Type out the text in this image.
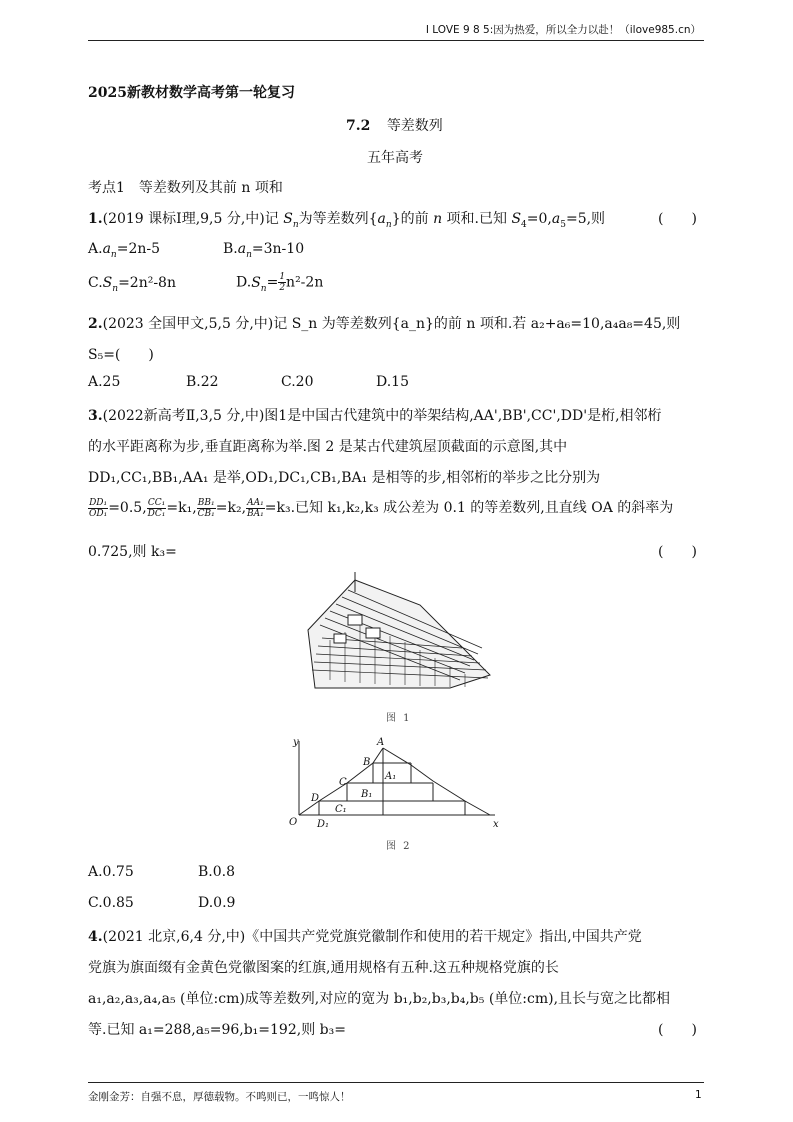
I LOVE 9 8 5:因为热爱，所以全力以赴！（ilove985.cn）
2025新教材数学高考第一轮复习
7.2 等差数列
五年高考
考点1　等差数列及其前 n 项和
1.(2019 课标Ⅰ理,9,5 分,中)记 $S_n$为等差数列$\{a_n\}$的前 n 项和.已知 $S_4=0,a_5=5$,则	(　　)
$A.a_n=2n-5$	$B.a_n=3n-10$
$C.S_n=2n^2-8n$	$D.S_n= \frac{1}{2} n^2-2n$
2.(2023 全国甲文,5,5 分,中)记 S_n 为等差数列{a_n}的前 n 项和.若 a₂+a₆=10,a₄a₈=45,则
S₅=(　　)
A.25	B.22	C.20	D.15
3.(2022新高考Ⅱ,3,5 分,中)图1是中国古代建筑中的举架结构,AA',BB',CC',DD'是桁,相邻桁
的水平距离称为步,垂直距离称为举.图 2 是某古代建筑屋顶截面的示意图,其中
DD₁,CC₁,BB₁,AA₁ 是举,OD₁,DC₁,CB₁,BA₁ 是相等的步,相邻桁的举步之比分别为
$\frac{\text{DD₁}}{\text{OD₁}} =0.5$, $\frac{\text{CC₁}}{\text{DC₁}} =k_1$, $\frac{\text{BB₁}}{\text{CB₁}} =k_2$, $\frac{\text{AA₁}}{\text{BA₁}} =k_3$.已知 k₁,k₂,k₃ 成公差为 0.1 的等差数列,且直线 OA 的斜率为
0.725,则 k₃=	(　　)
图 1
O	x
y	A
B
C
D
A₁
B₁
C₁
D₁
图 2
A.0.75	B.0.8
C.0.85	D.0.9
4.(2021 北京,6,4 分,中)《中国共产党党旗党徽制作和使用的若干规定》指出,中国共产党
党旗为旗面缀有金黄色党徽图案的红旗,通用规格有五种.这五种规格党旗的长
a₁,a₂,a₃,a₄,a₅ (单位:cm)成等差数列,对应的宽为 b₁,b₂,b₃,b₄,b₅ (单位:cm),且长与宽之比都相
等.已知 a₁=288,a₅=96,b₁=192,则 b₃=	(　　)
金刚金芳：自强不息，厚德载物。不鸣则已，一鸣惊人！	1
